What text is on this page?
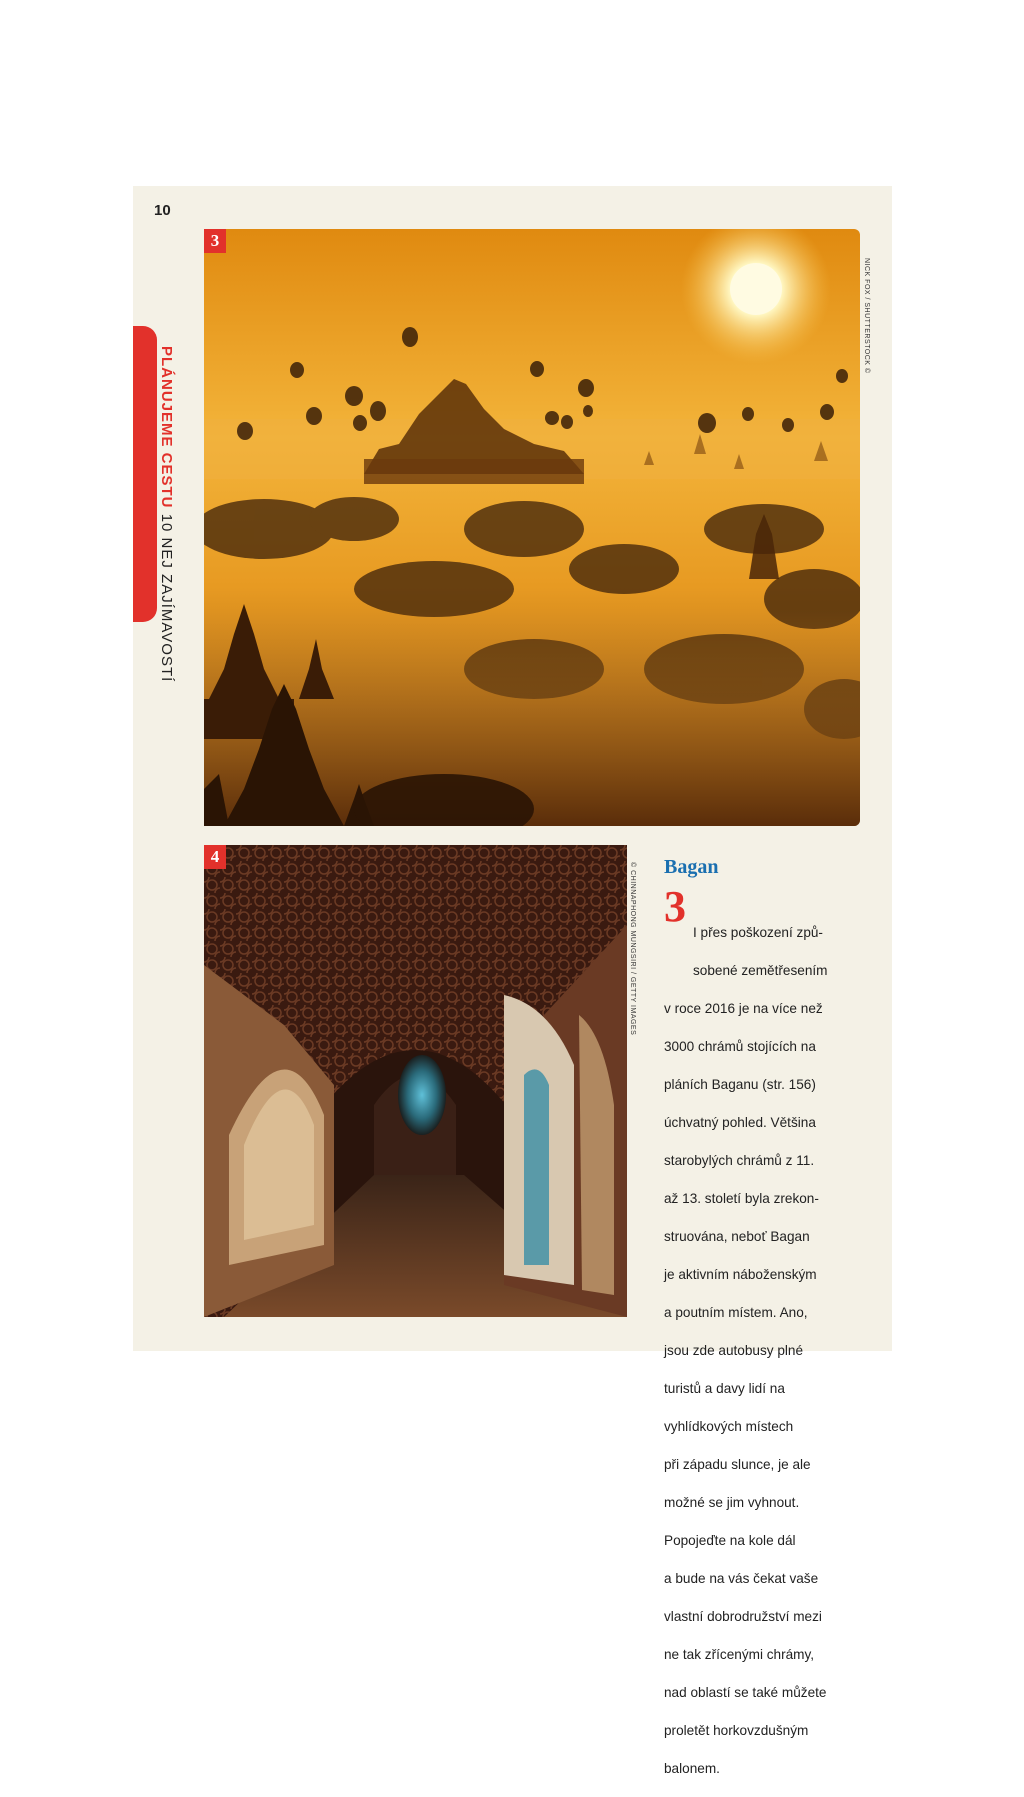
10
PLÁNUJEME CESTU 10 NEJ ZAJÍMAVOSTÍ
3
NICK FOX / SHUTTERSTOCK ©
4
© CHINNAPHONG MUNGSIRI / GETTY IMAGES Bagan

3

I přes poškození způ-

sobené zemětřesením

v roce 2016 je na více než

3000 chrámů stojících na

pláních Baganu (str. 156)

úchvatný pohled. Většina

starobylých chrámů z 11.

až 13. století byla zrekon-

struována, neboť Bagan

je aktivním náboženským

a poutním místem. Ano,

jsou zde autobusy plné

turistů a davy lidí na

vyhlídkových místech

při západu slunce, je ale

možné se jim vyhnout.

Popojeďte na kole dál

a bude na vás čekat vaše

vlastní dobrodružství mezi

ne tak zřícenými chrámy,

nad oblastí se také můžete

proletět horkovzdušným

balonem.
